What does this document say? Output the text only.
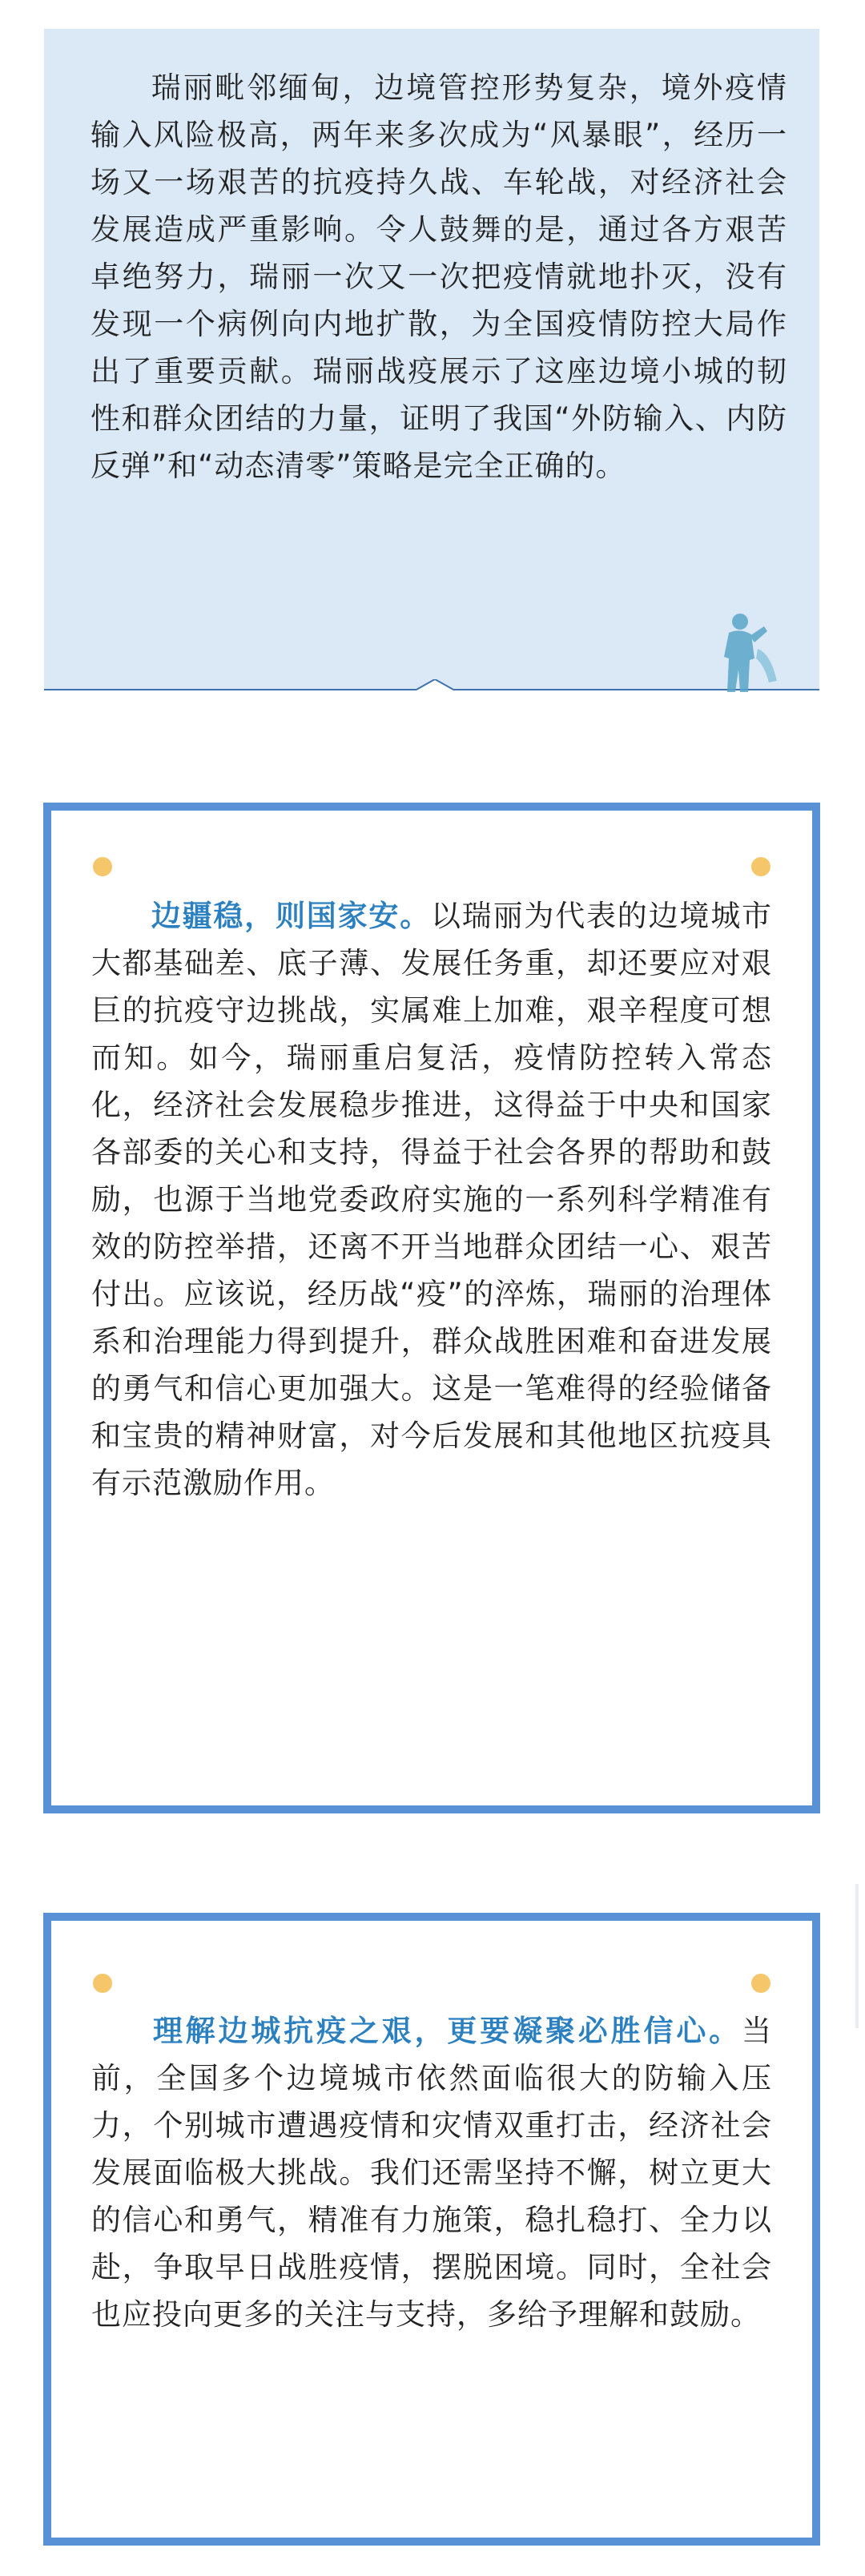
瑞丽毗邻缅甸，边境管控形势复杂，境外疫情输入风险极高，两年来多次成为“风暴眼”，经历一场又一场艰苦的抗疫持久战、车轮战，对经济社会发展造成严重影响。令人鼓舞的是，通过各方艰苦卓绝努力，瑞丽一次又一次把疫情就地扑灭，没有发现一个病例向内地扩散，为全国疫情防控大局作出了重要贡献。瑞丽战疫展示了这座边境小城的韧性和群众团结的力量，证明了我国“外防输入、内防反弹”和“动态清零”策略是完全正确的。

边疆稳，则国家安。以瑞丽为代表的边境城市大都基础差、底子薄、发展任务重，却还要应对艰巨的抗疫守边挑战，实属难上加难，艰辛程度可想而知。如今，瑞丽重启复活，疫情防控转入常态化，经济社会发展稳步推进，这得益于中央和国家各部委的关心和支持，得益于社会各界的帮助和鼓励，也源于当地党委政府实施的一系列科学精准有效的防控举措，还离不开当地群众团结一心、艰苦付出。应该说，经历战“疫”的淬炼，瑞丽的治理体系和治理能力得到提升，群众战胜困难和奋进发展的勇气和信心更加强大。这是一笔难得的经验储备和宝贵的精神财富，对今后发展和其他地区抗疫具有示范激励作用。

理解边城抗疫之艰，更要凝聚必胜信心。当前，全国多个边境城市依然面临很大的防输入压力，个别城市遭遇疫情和灾情双重打击，经济社会发展面临极大挑战。我们还需坚持不懈，树立更大的信心和勇气，精准有力施策，稳扎稳打、全力以赴，争取早日战胜疫情，摆脱困境。同时，全社会也应投向更多的关注与支持，多给予理解和鼓励。
